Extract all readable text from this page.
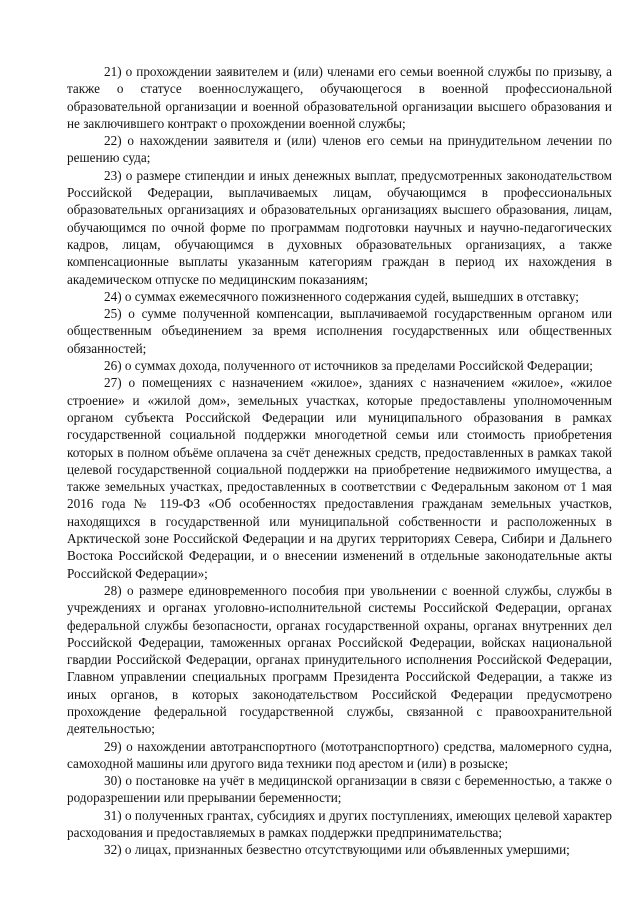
21) о прохождении заявителем и (или) членами его семьи военной службы по призыву, а также о статусе военнослужащего, обучающегося в военной профессиональной образовательной организации и военной образовательной организации высшего образования и не заключившего контракт о прохождении военной службы;

22) о нахождении заявителя и (или) членов его семьи на принудительном лечении по решению суда;

23) о размере стипендии и иных денежных выплат, предусмотренных законодательством Российской Федерации, выплачиваемых лицам, обучающимся в профессиональных образовательных организациях и образовательных организациях высшего образования, лицам, обучающимся по очной форме по программам подготовки научных и научно-педагогических кадров, лицам, обучающимся в духовных образовательных организациях, а также компенсационные выплаты указанным категориям граждан в период их нахождения в академическом отпуске по медицинским показаниям;

24) о суммах ежемесячного пожизненного содержания судей, вышедших в отставку;

25) о сумме полученной компенсации, выплачиваемой государственным органом или общественным объединением за время исполнения государственных или общественных обязанностей;

26) о суммах дохода, полученного от источников за пределами Российской Федерации;

27) о помещениях с назначением «жилое», зданиях с назначением «жилое», «жилое строение» и «жилой дом», земельных участках, которые предоставлены уполномоченным органом субъекта Российской Федерации или муниципального образования в рамках государственной социальной поддержки многодетной семьи или стоимость приобретения которых в полном объёме оплачена за счёт денежных средств, предоставленных в рамках такой целевой государственной социальной поддержки на приобретение недвижимого имущества, а также земельных участках, предоставленных в соответствии с Федеральным законом от 1 мая 2016 года № 119-ФЗ «Об особенностях предоставления гражданам земельных участков, находящихся в государственной или муниципальной собственности и расположенных в Арктической зоне Российской Федерации и на других территориях Севера, Сибири и Дальнего Востока Российской Федерации, и о внесении изменений в отдельные законодательные акты Российской Федерации»;

28) о размере единовременного пособия при увольнении с военной службы, службы в учреждениях и органах уголовно-исполнительной системы Российской Федерации, органах федеральной службы безопасности, органах государственной охраны, органах внутренних дел Российской Федерации, таможенных органах Российской Федерации, войсках национальной гвардии Российской Федерации, органах принудительного исполнения Российской Федерации, Главном управлении специальных программ Президента Российской Федерации, а также из иных органов, в которых законодательством Российской Федерации предусмотрено прохождение федеральной государственной службы, связанной с правоохранительной деятельностью;

29) о нахождении автотранспортного (мототранспортного) средства, маломерного судна, самоходной машины или другого вида техники под арестом и (или) в розыске;

30) о постановке на учёт в медицинской организации в связи с беременностью, а также о родоразрешении или прерывании беременности;

31) о полученных грантах, субсидиях и других поступлениях, имеющих целевой характер расходования и предоставляемых в рамках поддержки предпринимательства;

32) о лицах, признанных безвестно отсутствующими или объявленных умершими;
